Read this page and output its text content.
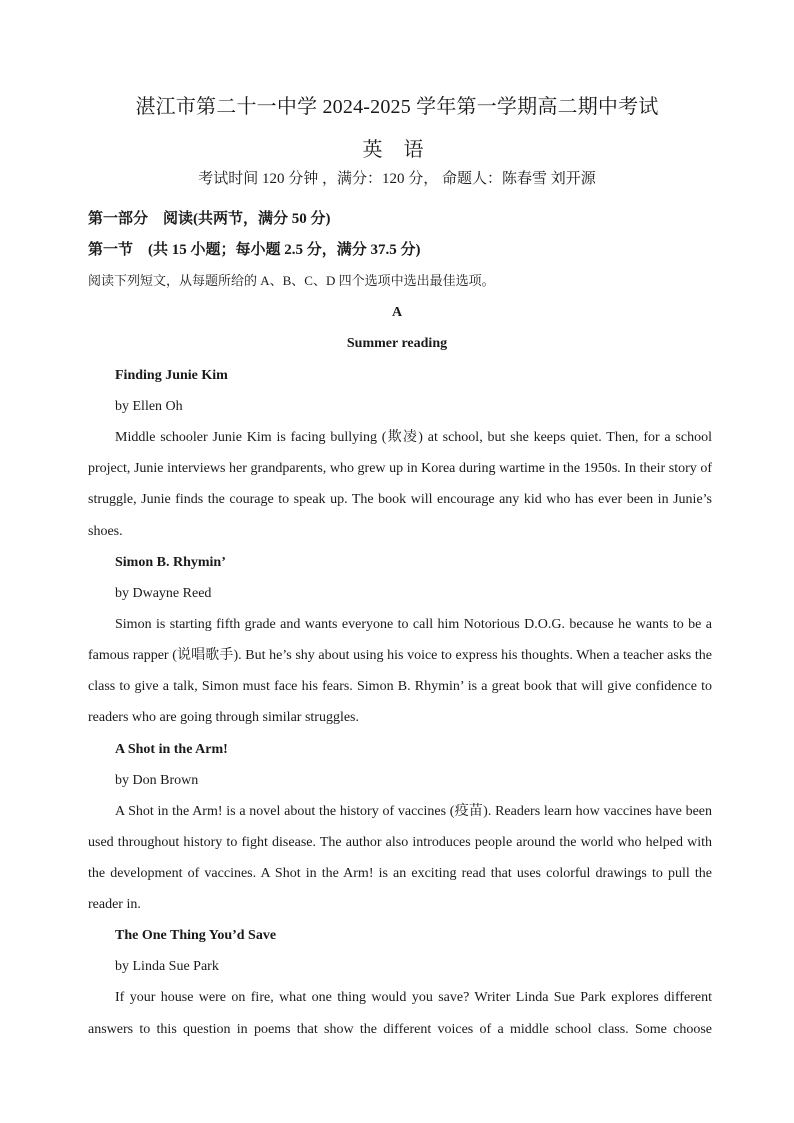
湛江市第二十一中学 2024-2025 学年第一学期高二期中考试
英 语
考试时间 120 分钟 ，满分：120 分， 命题人：陈春雪 刘开源
第一部分　阅读(共两节，满分 50 分)
第一节　(共 15 小题；每小题 2.5 分，满分 37.5 分)
阅读下列短文，从每题所给的 A、B、C、D 四个选项中选出最佳选项。
A
Summer reading
Finding Junie Kim
by Ellen Oh

Middle schooler Junie Kim is facing bullying (欺凌) at school, but she keeps quiet. Then, for a school project, Junie interviews her grandparents, who grew up in Korea during wartime in the 1950s. In their story of struggle, Junie finds the courage to speak up. The book will encourage any kid who has ever been in Junie’s shoes.

Simon B. Rhymin’
by Dwayne Reed

Simon is starting fifth grade and wants everyone to call him Notorious D.O.G. because he wants to be a famous rapper (说唱歌手). But he’s shy about using his voice to express his thoughts. When a teacher asks the class to give a talk, Simon must face his fears. Simon B. Rhymin’ is a great book that will give confidence to readers who are going through similar struggles.

A Shot in the Arm!
by Don Brown

A Shot in the Arm! is a novel about the history of vaccines (疫苗). Readers learn how vaccines have been used throughout history to fight disease. The author also introduces people around the world who helped with the development of vaccines. A Shot in the Arm! is an exciting read that uses colorful drawings to pull the reader in.

The One Thing You’d Save
by Linda Sue Park

If your house were on fire, what one thing would you save? Writer Linda Sue Park explores different answers to this question in poems that show the different voices of a middle school class. Some choose
